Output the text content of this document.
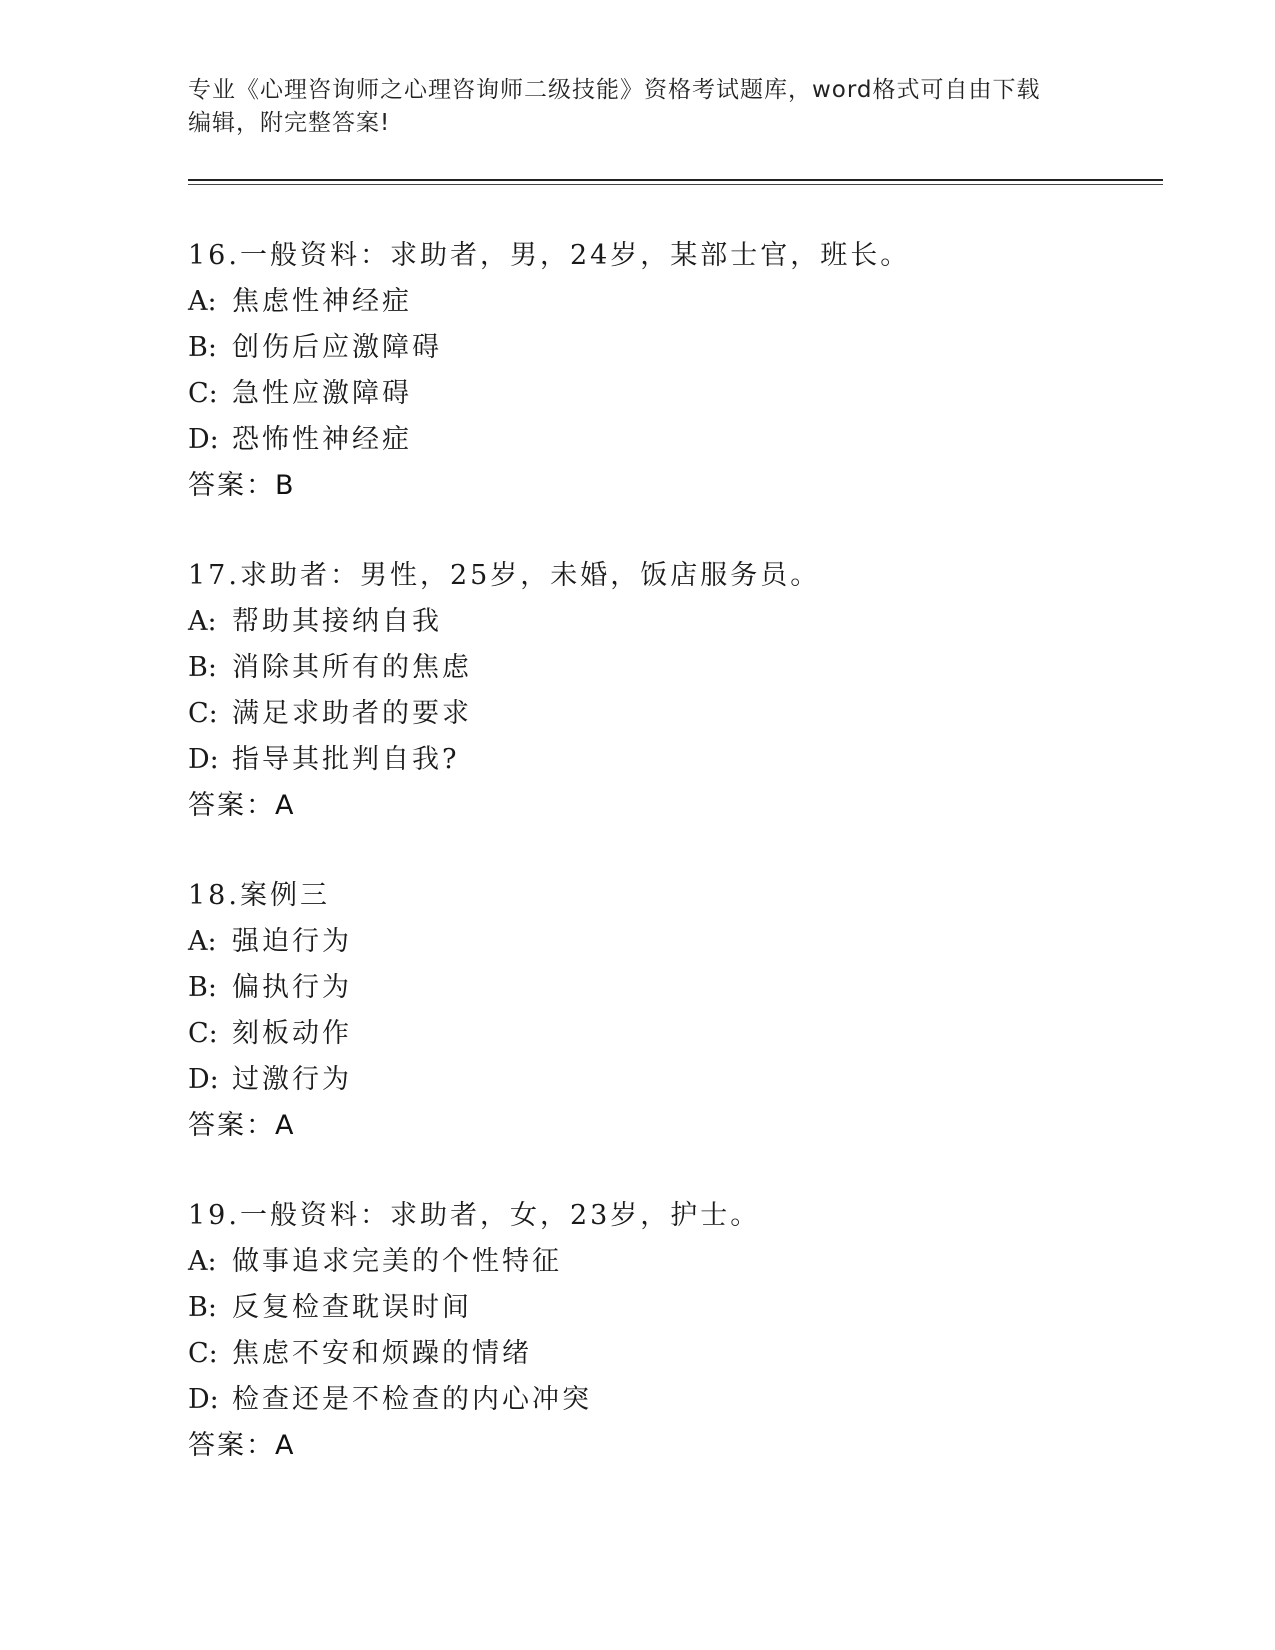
专业《心理咨询师之心理咨询师二级技能》资格考试题库，word格式可自由下载
编辑，附完整答案!
16.一般资料：求助者，男，24岁，某部士官，班长。
A: 焦虑性神经症
B: 创伤后应激障碍
C: 急性应激障碍
D: 恐怖性神经症
答案：B
17.求助者：男性，25岁，未婚，饭店服务员。
A: 帮助其接纳自我
B: 消除其所有的焦虑
C: 满足求助者的要求
D: 指导其批判自我?
答案：A
18.案例三
A: 强迫行为
B: 偏执行为
C: 刻板动作
D: 过激行为
答案：A
19.一般资料：求助者，女，23岁，护士。
A: 做事追求完美的个性特征
B: 反复检查耽误时间
C: 焦虑不安和烦躁的情绪
D: 检查还是不检查的内心冲突
答案：A
